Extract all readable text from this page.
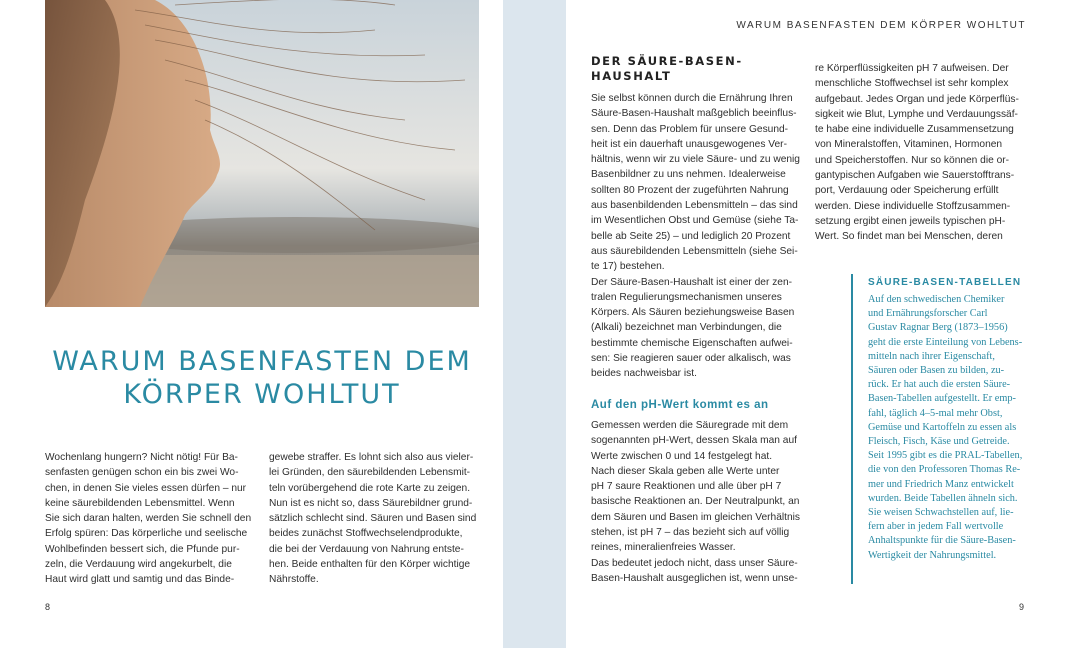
WARUM BASENFASTEN DEM
KÖRPER WOHLTUT
Wochenlang hungern? Nicht nötig! Für Ba-
senfasten genügen schon ein bis zwei Wo-
chen, in denen Sie vieles essen dürfen – nur
keine säurebildenden Lebensmittel. Wenn
Sie sich daran halten, werden Sie schnell den
Erfolg spüren: Das körperliche und seelische
Wohlbefinden bessert sich, die Pfunde pur-
zeln, die Verdauung wird angekurbelt, die
Haut wird glatt und samtig und das Binde-
gewebe straffer. Es lohnt sich also aus vieler-
lei Gründen, den säurebildenden Lebensmit-
teln vorübergehend die rote Karte zu zeigen.
Nun ist es nicht so, dass Säurebildner grund-
sätzlich schlecht sind. Säuren und Basen sind
beides zunächst Stoffwechselendprodukte,
die bei der Verdauung von Nahrung entste-
hen. Beide enthalten für den Körper wichtige
Nährstoffe.
8
WARUM BASENFASTEN DEM KÖRPER WOHLTUT
DER SÄURE-BASEN-
HAUSHALT
Sie selbst können durch die Ernährung Ihren
Säure-Basen-Haushalt maßgeblich beeinflus-
sen. Denn das Problem für unsere Gesund-
heit ist ein dauerhaft unausgewogenes Ver-
hältnis, wenn wir zu viele Säure- und zu wenig
Basenbildner zu uns nehmen. Idealerweise
sollten 80 Prozent der zugeführten Nahrung
aus basenbildenden Lebensmitteln – das sind
im Wesentlichen Obst und Gemüse (siehe Ta-
belle ab Seite 25) – und lediglich 20 Prozent
aus säurebildenden Lebensmitteln (siehe Sei-
te 17) bestehen.
Der Säure-Basen-Haushalt ist einer der zen-
tralen Regulierungsmechanismen unseres
Körpers. Als Säuren beziehungsweise Basen
(Alkali) bezeichnet man Verbindungen, die
bestimmte chemische Eigenschaften aufwei-
sen: Sie reagieren sauer oder alkalisch, was
beides nachweisbar ist.
Auf den pH-Wert kommt es an
Gemessen werden die Säuregrade mit dem
sogenannten pH-Wert, dessen Skala man auf
Werte zwischen 0 und 14 festgelegt hat.
Nach dieser Skala geben alle Werte unter
pH 7 saure Reaktionen und alle über pH 7
basische Reaktionen an. Der Neutralpunkt, an
dem Säuren und Basen im gleichen Verhältnis
stehen, ist pH 7 – das bezieht sich auf völlig
reines, mineralienfreies Wasser.
Das bedeutet jedoch nicht, dass unser Säure-
Basen-Haushalt ausgeglichen ist, wenn unse-
re Körperflüssigkeiten pH 7 aufweisen. Der
menschliche Stoffwechsel ist sehr komplex
aufgebaut. Jedes Organ und jede Körperflüs-
sigkeit wie Blut, Lymphe und Verdauungssäf-
te habe eine individuelle Zusammensetzung
von Mineralstoffen, Vitaminen, Hormonen
und Speicherstoffen. Nur so können die or-
gantypischen Aufgaben wie Sauerstofftrans-
port, Verdauung oder Speicherung erfüllt
werden. Diese individuelle Stoffzusammen-
setzung ergibt einen jeweils typischen pH-
Wert. So findet man bei Menschen, deren
SÄURE-BASEN-TABELLEN
Auf den schwedischen Chemiker
und Ernährungsforscher Carl
Gustav Ragnar Berg (1873–1956)
geht die erste Einteilung von Lebens-
mitteln nach ihrer Eigenschaft,
Säuren oder Basen zu bilden, zu-
rück. Er hat auch die ersten Säure-
Basen-Tabellen aufgestellt. Er emp-
fahl, täglich 4–5-mal mehr Obst,
Gemüse und Kartoffeln zu essen als
Fleisch, Fisch, Käse und Getreide.
Seit 1995 gibt es die PRAL-Tabellen,
die von den Professoren Thomas Re-
mer und Friedrich Manz entwickelt
wurden. Beide Tabellen ähneln sich.
Sie weisen Schwachstellen auf, lie-
fern aber in jedem Fall wertvolle
Anhaltspunkte für die Säure-Basen-
Wertigkeit der Nahrungsmittel.
9
